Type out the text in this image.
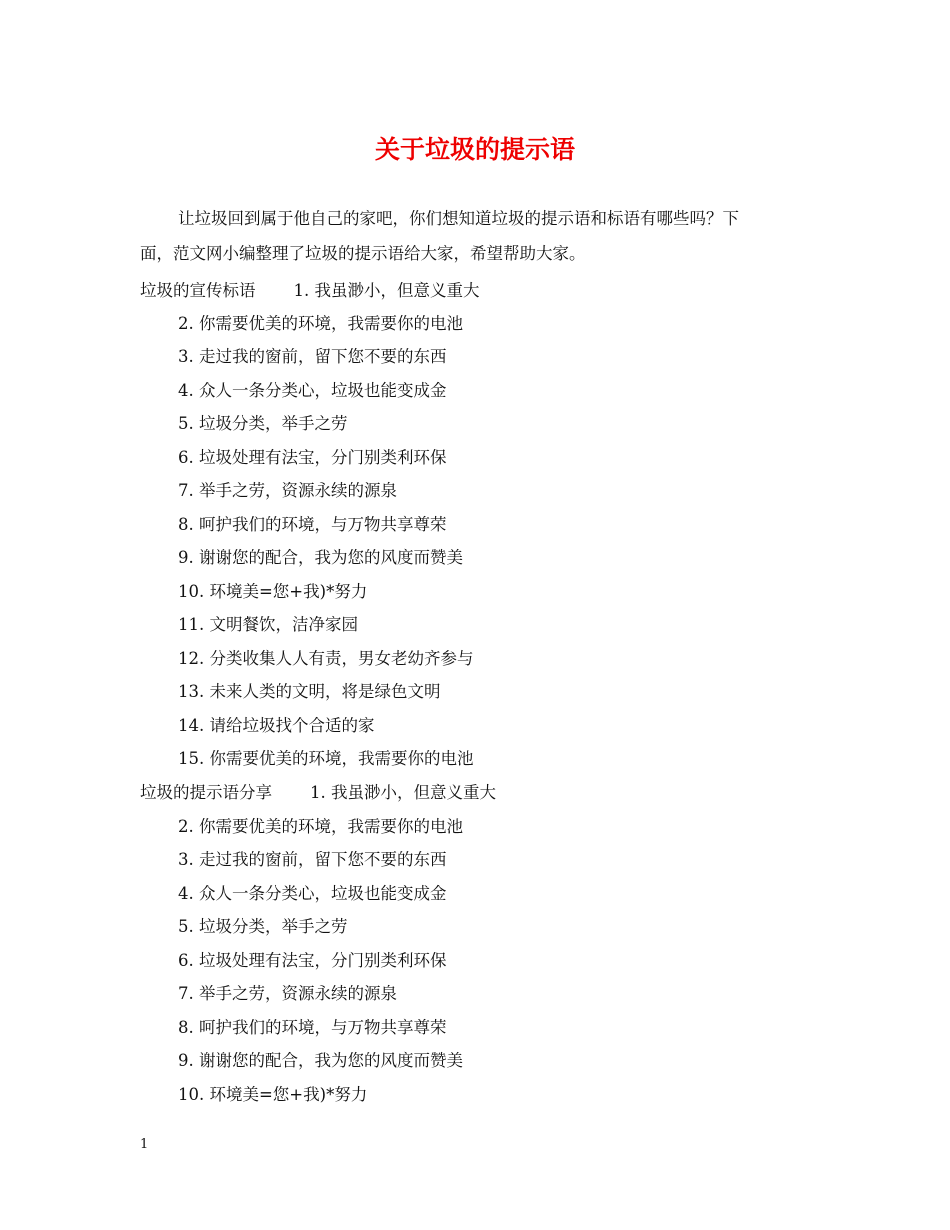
关于垃圾的提示语
让垃圾回到属于他自己的家吧，你们想知道垃圾的提示语和标语有哪些吗？下
面，范文网小编整理了垃圾的提示语给大家，希望帮助大家。
垃圾的宣传标语 1. 我虽渺小，但意义重大
2. 你需要优美的环境，我需要你的电池
3. 走过我的窗前，留下您不要的东西
4. 众人一条分类心，垃圾也能变成金
5. 垃圾分类，举手之劳
6. 垃圾处理有法宝，分门别类利环保
7. 举手之劳，资源永续的源泉
8. 呵护我们的环境，与万物共享尊荣
9. 谢谢您的配合，我为您的风度而赞美
10. 环境美=您+我)*努力
11. 文明餐饮，洁净家园
12. 分类收集人人有责，男女老幼齐参与
13. 未来人类的文明，将是绿色文明
14. 请给垃圾找个合适的家
15. 你需要优美的环境，我需要你的电池
垃圾的提示语分享 1. 我虽渺小，但意义重大
2. 你需要优美的环境，我需要你的电池
3. 走过我的窗前，留下您不要的东西
4. 众人一条分类心，垃圾也能变成金
5. 垃圾分类，举手之劳
6. 垃圾处理有法宝，分门别类利环保
7. 举手之劳，资源永续的源泉
8. 呵护我们的环境，与万物共享尊荣
9. 谢谢您的配合，我为您的风度而赞美
10. 环境美=您+我)*努力
1
